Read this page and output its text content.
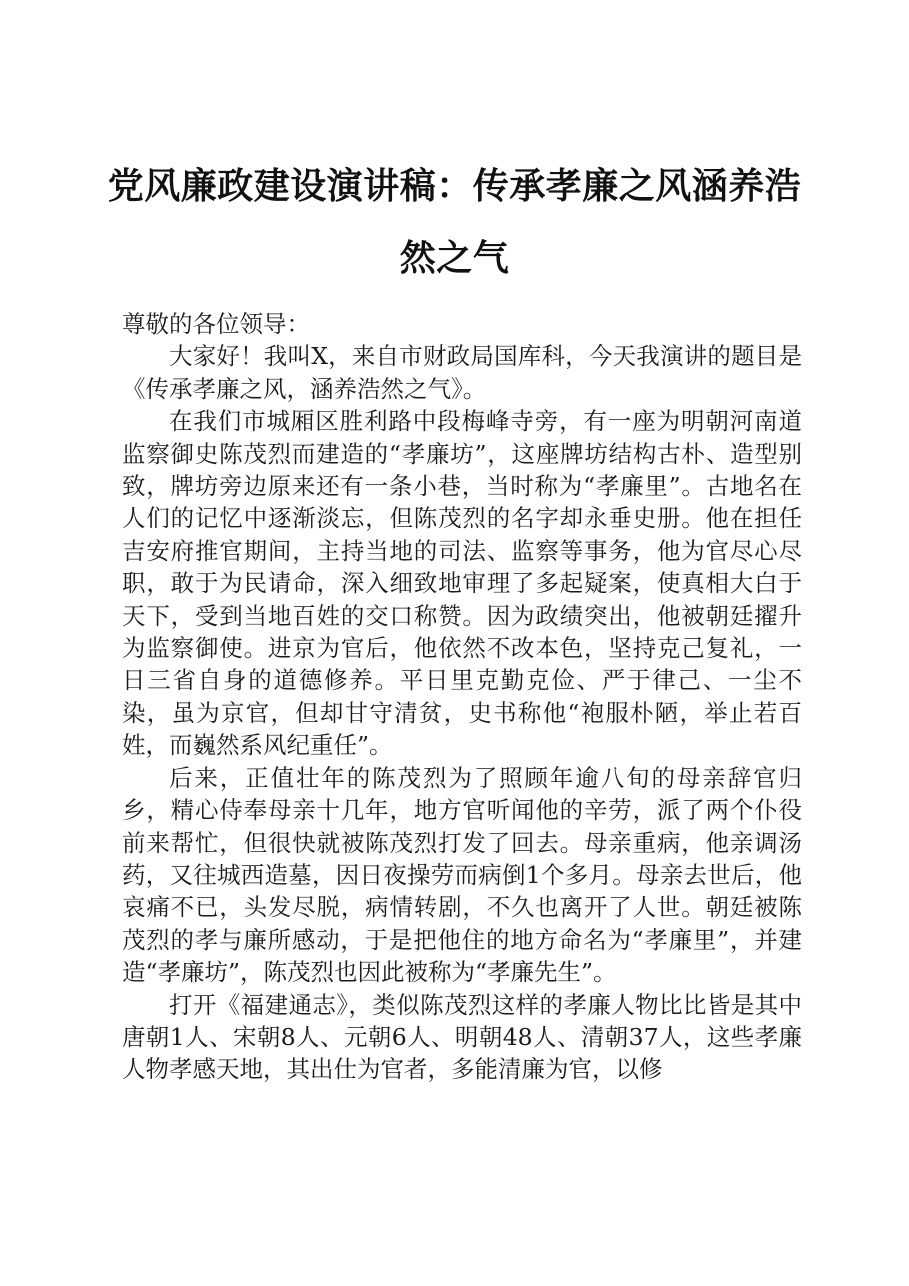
党风廉政建设演讲稿：传承孝廉之风涵养浩然之气

尊敬的各位领导：

大家好！我叫X，来自市财政局国库科，今天我演讲的题目是《传承孝廉之风，涵养浩然之气》。

在我们市城厢区胜利路中段梅峰寺旁，有一座为明朝河南道监察御史陈茂烈而建造的“孝廉坊”，这座牌坊结构古朴、造型别致，牌坊旁边原来还有一条小巷，当时称为“孝廉里”。古地名在人们的记忆中逐渐淡忘，但陈茂烈的名字却永垂史册。他在担任吉安府推官期间，主持当地的司法、监察等事务，他为官尽心尽职，敢于为民请命，深入细致地审理了多起疑案，使真相大白于天下，受到当地百姓的交口称赞。因为政绩突出，他被朝廷擢升为监察御使。进京为官后，他依然不改本色，坚持克己复礼，一日三省自身的道德修养。平日里克勤克俭、严于律己、一尘不染，虽为京官，但却甘守清贫，史书称他“袍服朴陋，举止若百姓，而巍然系风纪重任”。

后来，正值壮年的陈茂烈为了照顾年逾八旬的母亲辞官归乡，精心侍奉母亲十几年，地方官听闻他的辛劳，派了两个仆役前来帮忙，但很快就被陈茂烈打发了回去。母亲重病，他亲调汤药，又往城西造墓，因日夜操劳而病倒1个多月。母亲去世后，他哀痛不已，头发尽脱，病情转剧，不久也离开了人世。朝廷被陈茂烈的孝与廉所感动，于是把他住的地方命名为“孝廉里”，并建造“孝廉坊”，陈茂烈也因此被称为“孝廉先生”。

打开《福建通志》，类似陈茂烈这样的孝廉人物比比皆是其中唐朝1人、宋朝8人、元朝6人、明朝48人、清朝37人，这些孝廉人物孝感天地，其出仕为官者，多能清廉为官，以修
